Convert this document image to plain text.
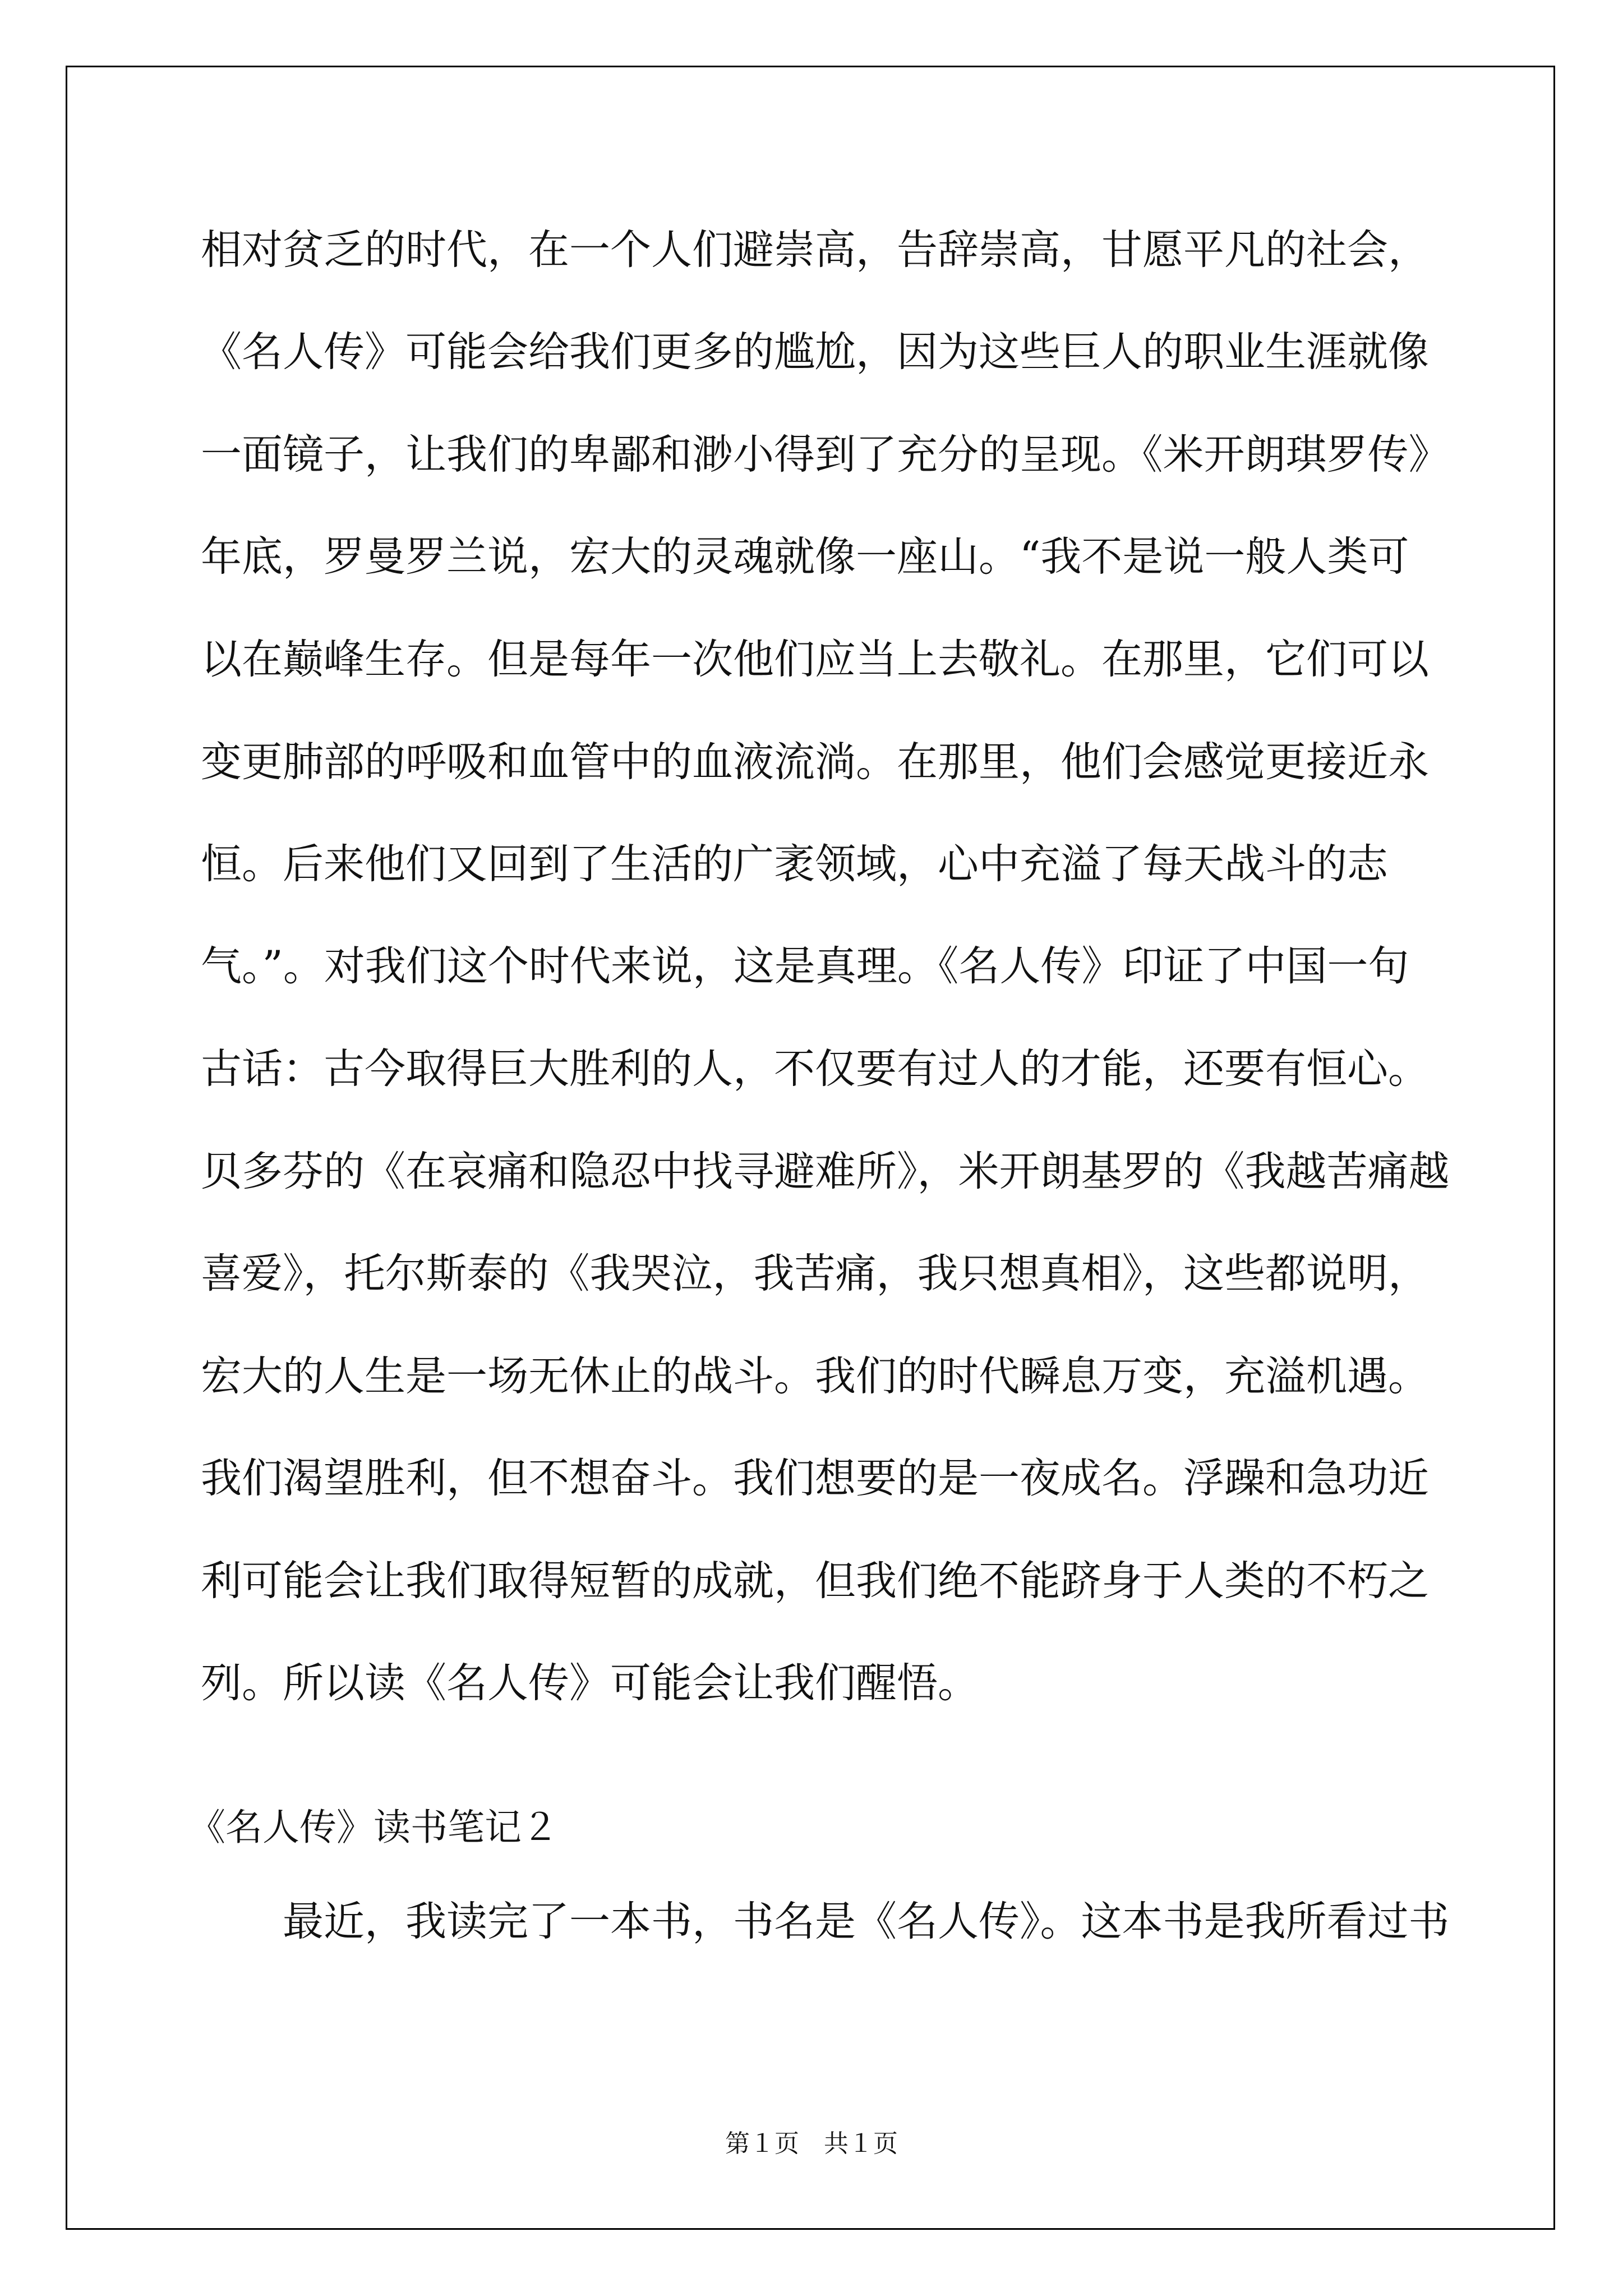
相对贫乏的时代，在一个人们避崇高，告辞崇高，甘愿平凡的社会，
《名人传》可能会给我们更多的尴尬，因为这些巨人的职业生涯就像
一面镜子，让我们的卑鄙和渺小得到了充分的呈现。《米开朗琪罗传》
年底，罗曼罗兰说，宏大的灵魂就像一座山。“我不是说一般人类可
以在巅峰生存。但是每年一次他们应当上去敬礼。在那里，它们可以
变更肺部的呼吸和血管中的血液流淌。在那里，他们会感觉更接近永
恒。后来他们又回到了生活的广袤领域，心中充溢了每天战斗的志
气。”。对我们这个时代来说，这是真理。《名人传》印证了中国一句
古话：古今取得巨大胜利的人，不仅要有过人的才能，还要有恒心。
贝多芬的《在哀痛和隐忍中找寻避难所》，米开朗基罗的《我越苦痛越
喜爱》，托尔斯泰的《我哭泣，我苦痛，我只想真相》，这些都说明，
宏大的人生是一场无休止的战斗。我们的时代瞬息万变，充溢机遇。
我们渴望胜利，但不想奋斗。我们想要的是一夜成名。浮躁和急功近
利可能会让我们取得短暂的成就，但我们绝不能跻身于人类的不朽之
列。所以读《名人传》可能会让我们醒悟。
《名人传》读书笔记２
最近，我读完了一本书，书名是《名人传》。这本书是我所看过书
第１页　共１页
